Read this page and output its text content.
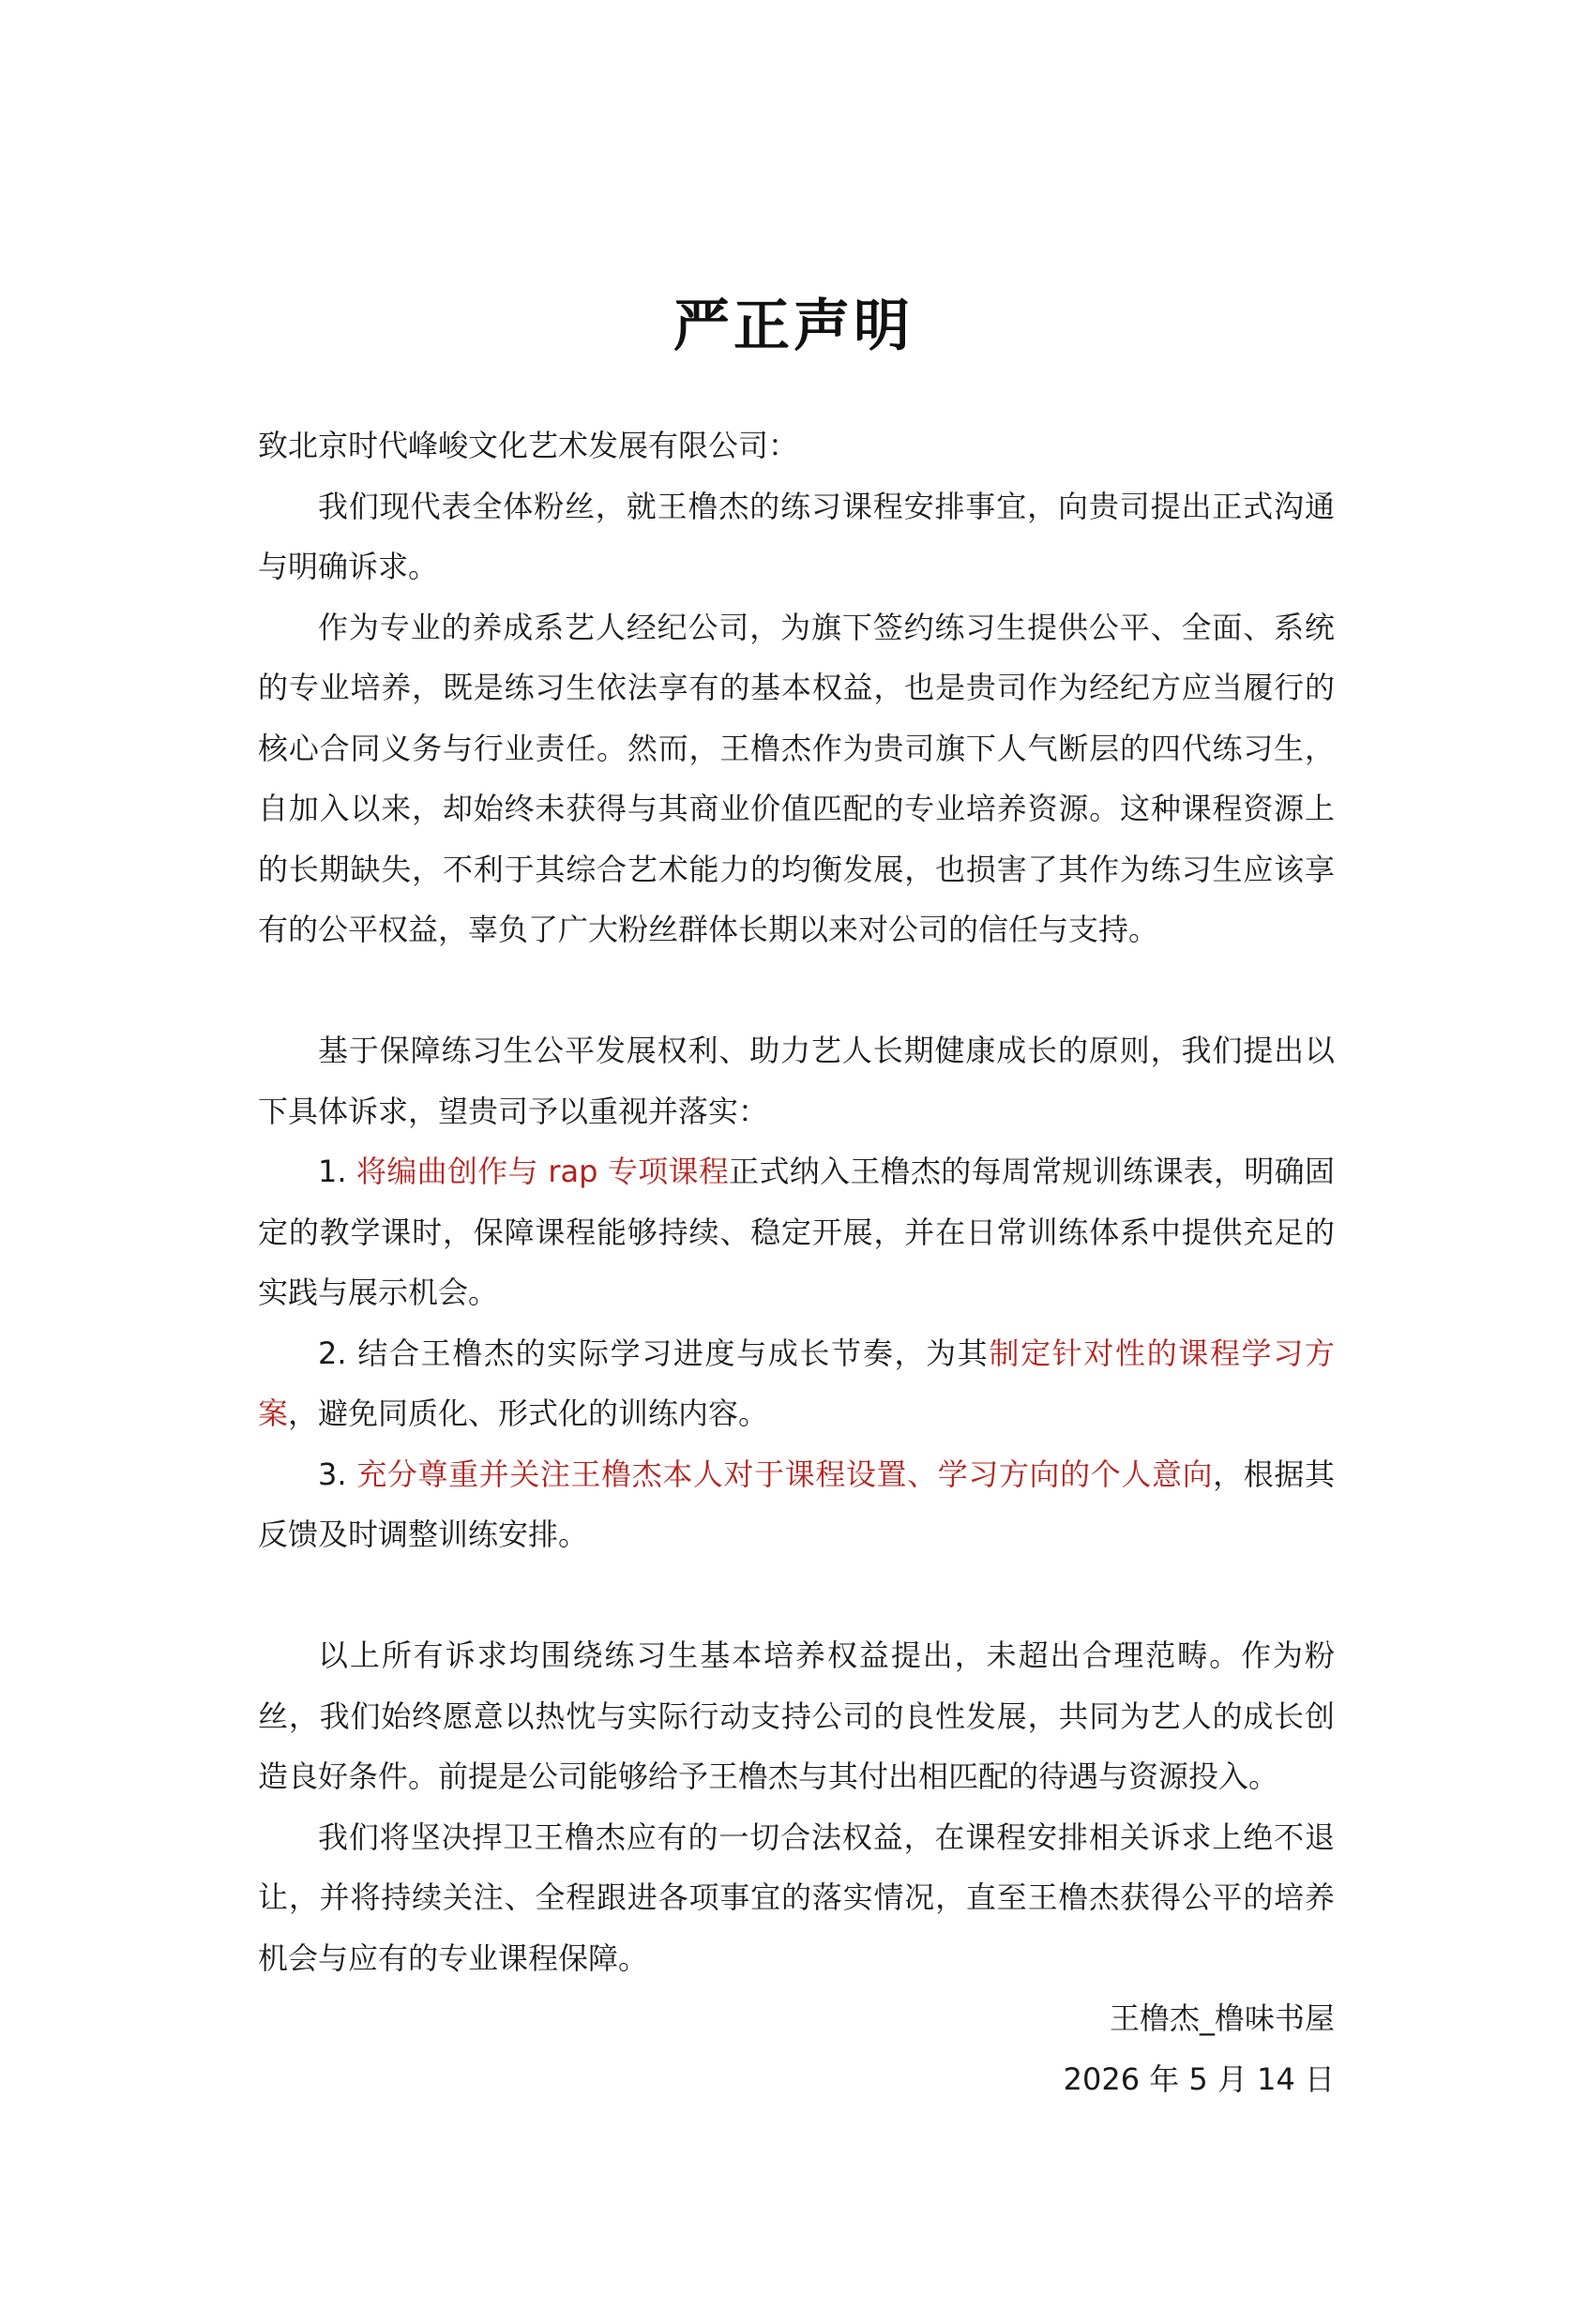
严正声明

致北京时代峰峻文化艺术发展有限公司：

我们现代表全体粉丝，就王橹杰的练习课程安排事宜，向贵司提出正式沟通与明确诉求。

作为专业的养成系艺人经纪公司，为旗下签约练习生提供公平、全面、系统的专业培养，既是练习生依法享有的基本权益，也是贵司作为经纪方应当履行的核心合同义务与行业责任。然而，王橹杰作为贵司旗下人气断层的四代练习生，自加入以来，却始终未获得与其商业价值匹配的专业培养资源。这种课程资源上的长期缺失，不利于其综合艺术能力的均衡发展，也损害了其作为练习生应该享有的公平权益，辜负了广大粉丝群体长期以来对公司的信任与支持。

基于保障练习生公平发展权利、助力艺人长期健康成长的原则，我们提出以下具体诉求，望贵司予以重视并落实：

1. 将编曲创作与 rap 专项课程正式纳入王橹杰的每周常规训练课表，明确固定的教学课时，保障课程能够持续、稳定开展，并在日常训练体系中提供充足的实践与展示机会。

2. 结合王橹杰的实际学习进度与成长节奏，为其制定针对性的课程学习方案，避免同质化、形式化的训练内容。

3. 充分尊重并关注王橹杰本人对于课程设置、学习方向的个人意向，根据其反馈及时调整训练安排。

以上所有诉求均围绕练习生基本培养权益提出，未超出合理范畴。作为粉丝，我们始终愿意以热忱与实际行动支持公司的良性发展，共同为艺人的成长创造良好条件。前提是公司能够给予王橹杰与其付出相匹配的待遇与资源投入。

我们将坚决捍卫王橹杰应有的一切合法权益，在课程安排相关诉求上绝不退让，并将持续关注、全程跟进各项事宜的落实情况，直至王橹杰获得公平的培养机会与应有的专业课程保障。

王橹杰_橹味书屋

2026 年 5 月 14 日
